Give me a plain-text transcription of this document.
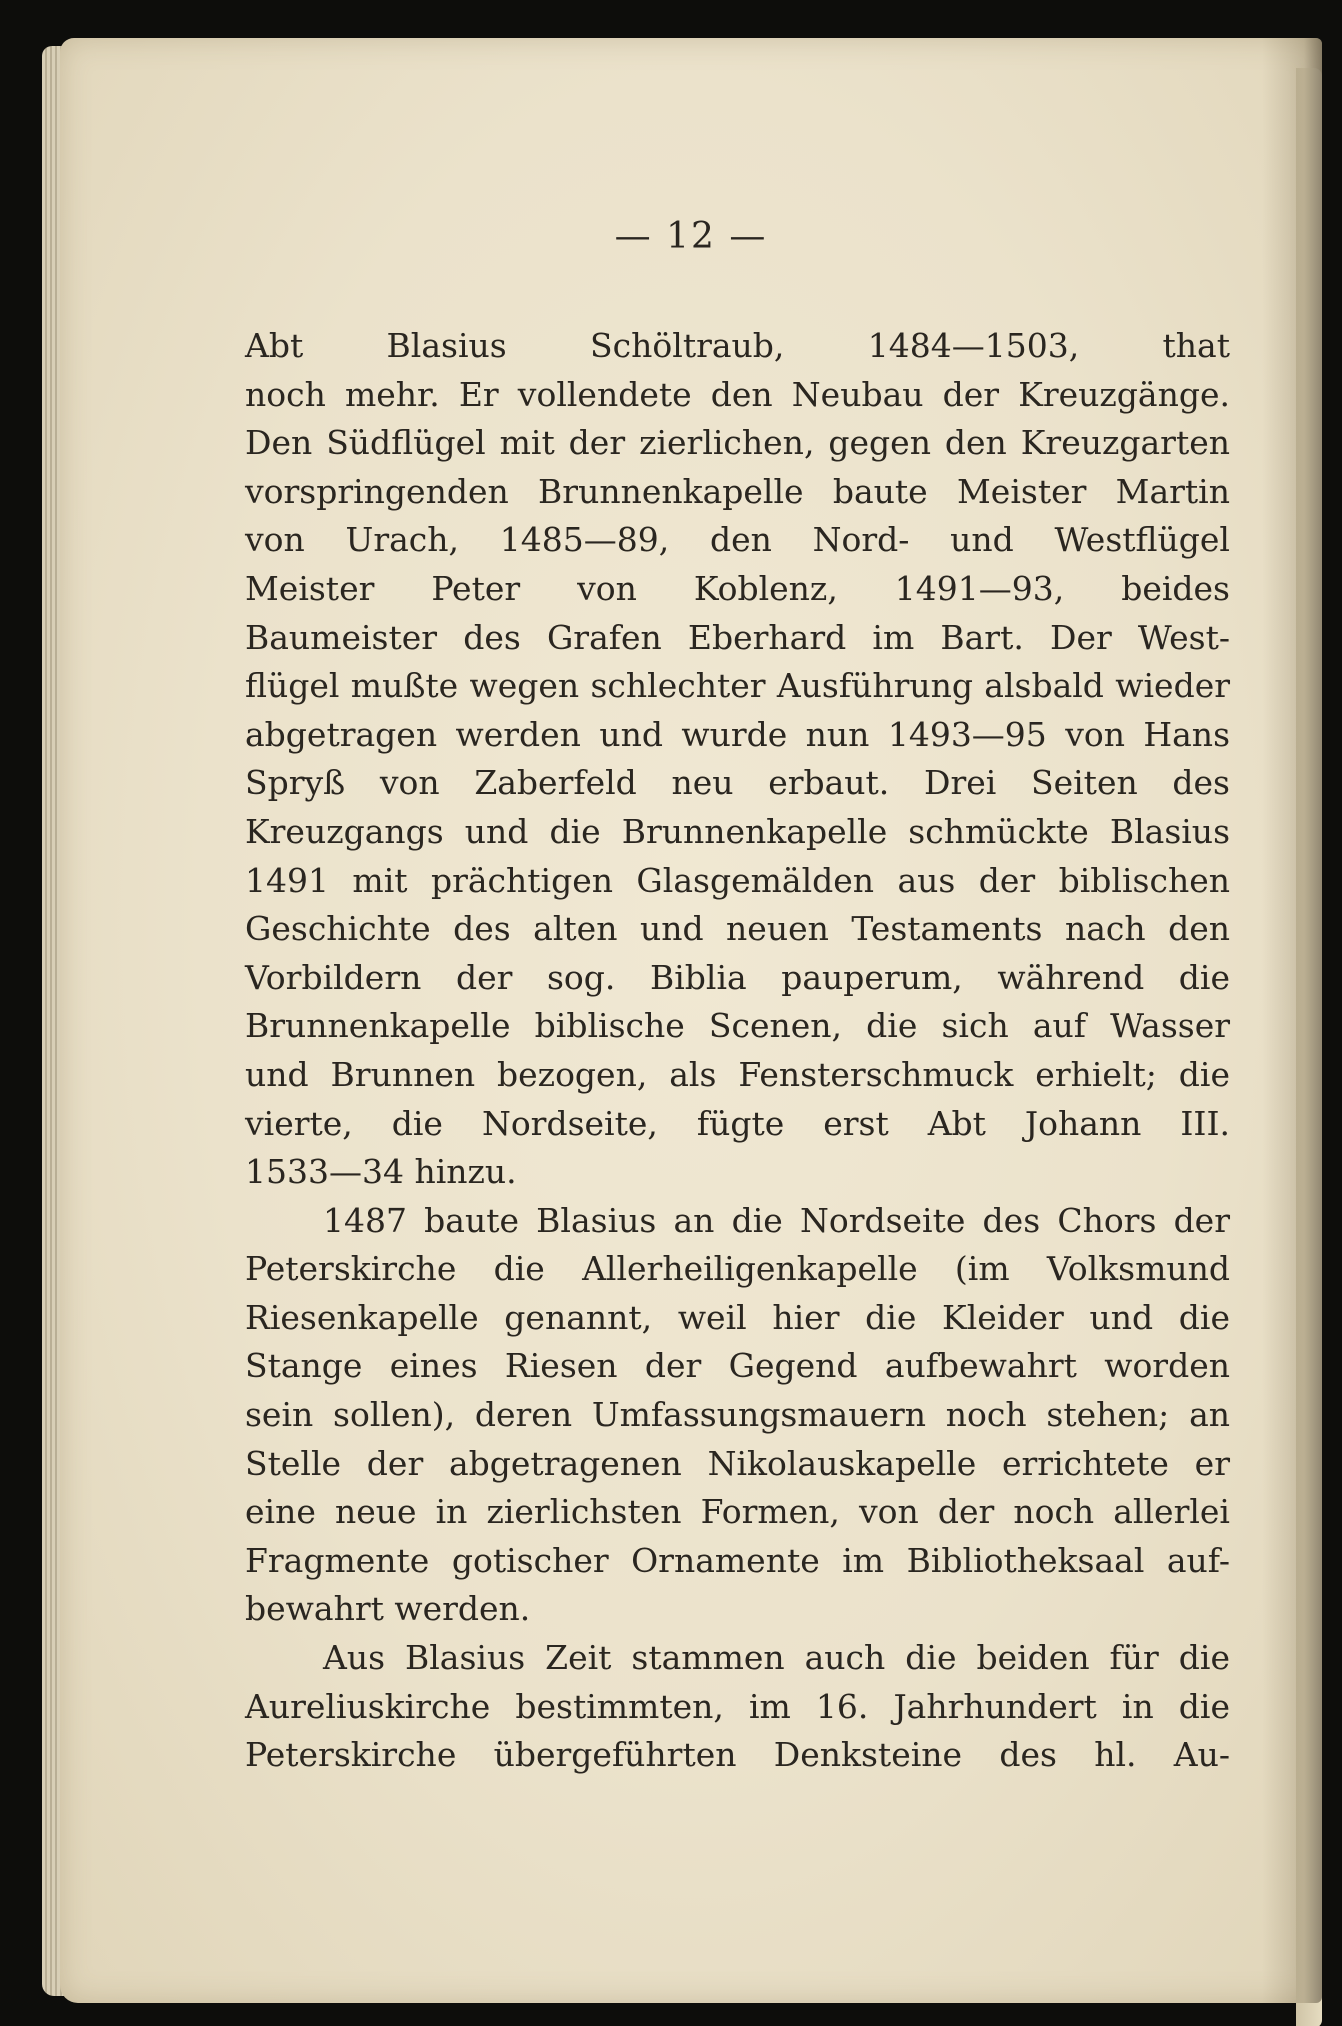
— 12 —
Abt Blasius Schöltraub, 1484—1503, that
noch mehr. Er vollendete den Neubau der Kreuzgänge.
Den Südflügel mit der zierlichen, gegen den Kreuzgarten
vorspringenden Brunnenkapelle baute Meister Martin
von Urach, 1485—89, den Nord- und Westflügel
Meister Peter von Koblenz, 1491—93, beides
Baumeister des Grafen Eberhard im Bart. Der West-
flügel mußte wegen schlechter Ausführung alsbald wieder
abgetragen werden und wurde nun 1493—95 von Hans
Spryß von Zaberfeld neu erbaut. Drei Seiten des
Kreuzgangs und die Brunnenkapelle schmückte Blasius
1491 mit prächtigen Glasgemälden aus der biblischen
Geschichte des alten und neuen Testaments nach den
Vorbildern der sog. Biblia pauperum, während die
Brunnenkapelle biblische Scenen, die sich auf Wasser
und Brunnen bezogen, als Fensterschmuck erhielt; die
vierte, die Nordseite, fügte erst Abt Johann III.
1533—34 hinzu.
1487 baute Blasius an die Nordseite des Chors der
Peterskirche die Allerheiligenkapelle (im Volksmund
Riesenkapelle genannt, weil hier die Kleider und die
Stange eines Riesen der Gegend aufbewahrt worden
sein sollen), deren Umfassungsmauern noch stehen; an
Stelle der abgetragenen Nikolauskapelle errichtete er
eine neue in zierlichsten Formen, von der noch allerlei
Fragmente gotischer Ornamente im Bibliotheksaal auf-
bewahrt werden.
Aus Blasius Zeit stammen auch die beiden für die
Aureliuskirche bestimmten, im 16. Jahrhundert in die
Peterskirche übergeführten Denksteine des hl. Au-
